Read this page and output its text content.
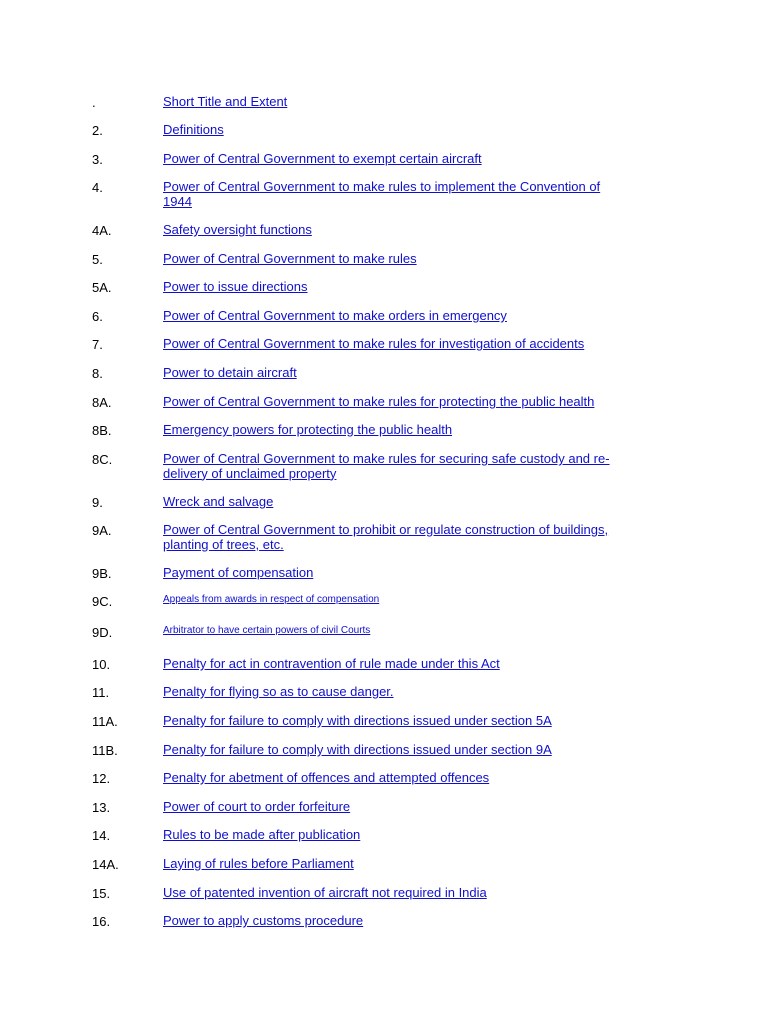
.	Short Title and Extent
2.	Definitions
3.	Power of Central Government to exempt certain aircraft
4.	Power of Central Government to make rules to implement the Convention of 1944
4A.	Safety oversight functions
5.	Power of Central Government to make rules
5A.	Power to issue directions
6.	Power of Central Government to make orders in emergency
7.	Power of Central Government to make rules for investigation of accidents
8.	Power to detain aircraft
8A.	Power of Central Government to make rules for protecting the public health
8B.	Emergency powers for protecting the public health
8C.	Power of Central Government to make rules for securing safe custody and re-delivery of unclaimed property
9.	Wreck and salvage
9A.	Power of Central Government to prohibit or regulate construction of buildings, planting of trees, etc.
9B.	Payment of compensation
9C.	Appeals from awards in respect of compensation
9D.	Arbitrator to have certain powers of civil Courts
10.	Penalty for act in contravention of rule made under this Act
11.	Penalty for flying so as to cause danger.
11A.	Penalty for failure to comply with directions issued under section 5A
11B.	Penalty for failure to comply with directions issued under section 9A
12.	Penalty for abetment of offences and attempted offences
13.	Power of court to order forfeiture
14.	Rules to be made after publication
14A.	Laying of rules before Parliament
15.	Use of patented invention of aircraft not required in India
16.	Power to apply customs procedure
